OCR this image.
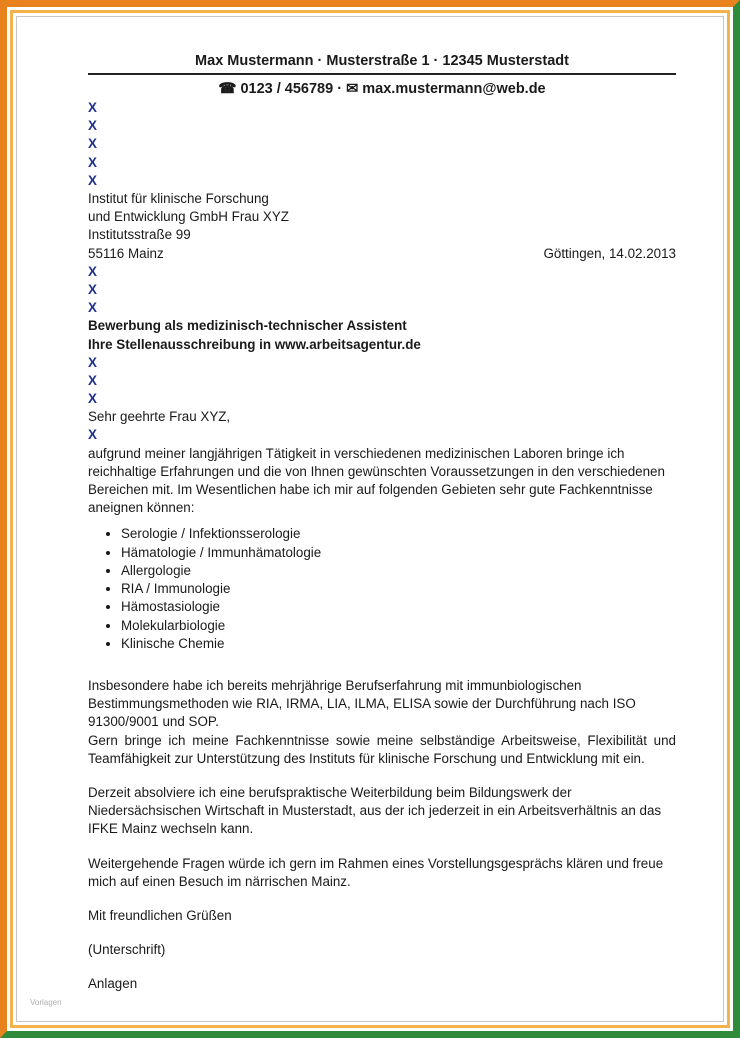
Max Mustermann · Musterstraße 1 · 12345 Musterstadt
☎ 0123 / 456789 · ✉ max.mustermann@web.de
X
X
X
X
X
Institut für klinische Forschung
und Entwicklung GmbH Frau XYZ
Institutsstraße 99
55116 Mainz	Göttingen, 14.02.2013
X
X
X
Bewerbung als medizinisch-technischer Assistent
Ihre Stellenausschreibung in www.arbeitsagentur.de
X
X
X
Sehr geehrte Frau XYZ,
X

aufgrund meiner langjährigen Tätigkeit in verschiedenen medizinischen Laboren bringe ich reichhaltige Erfahrungen und die von Ihnen gewünschten Voraussetzungen in den verschiedenen Bereichen mit. Im Wesentlichen habe ich mir auf folgenden Gebieten sehr gute Fachkenntnisse aneignen können:

• Serologie / Infektionsserologie
• Hämatologie / Immunhämatologie
• Allergologie
• RIA / Immunologie
• Hämostasiologie
• Molekularbiologie
• Klinische Chemie

Insbesondere habe ich bereits mehrjährige Berufserfahrung mit immunbiologischen Bestimmungsmethoden wie RIA, IRMA, LIA, ILMA, ELISA sowie der Durchführung nach ISO 91300/9001 und SOP.

Gern bringe ich meine Fachkenntnisse sowie meine selbständige Arbeitsweise, Flexibilität und Teamfähigkeit zur Unterstützung des Instituts für klinische Forschung und Entwicklung mit ein.

Derzeit absolviere ich eine berufspraktische Weiterbildung beim Bildungswerk der Niedersächsischen Wirtschaft in Musterstadt, aus der ich jederzeit in ein Arbeitsverhältnis an das IFKE Mainz wechseln kann.

Weitergehende Fragen würde ich gern im Rahmen eines Vorstellungsgesprächs klären und freue mich auf einen Besuch im närrischen Mainz.

Mit freundlichen Grüßen

(Unterschrift)

Anlagen

Vorlagen
